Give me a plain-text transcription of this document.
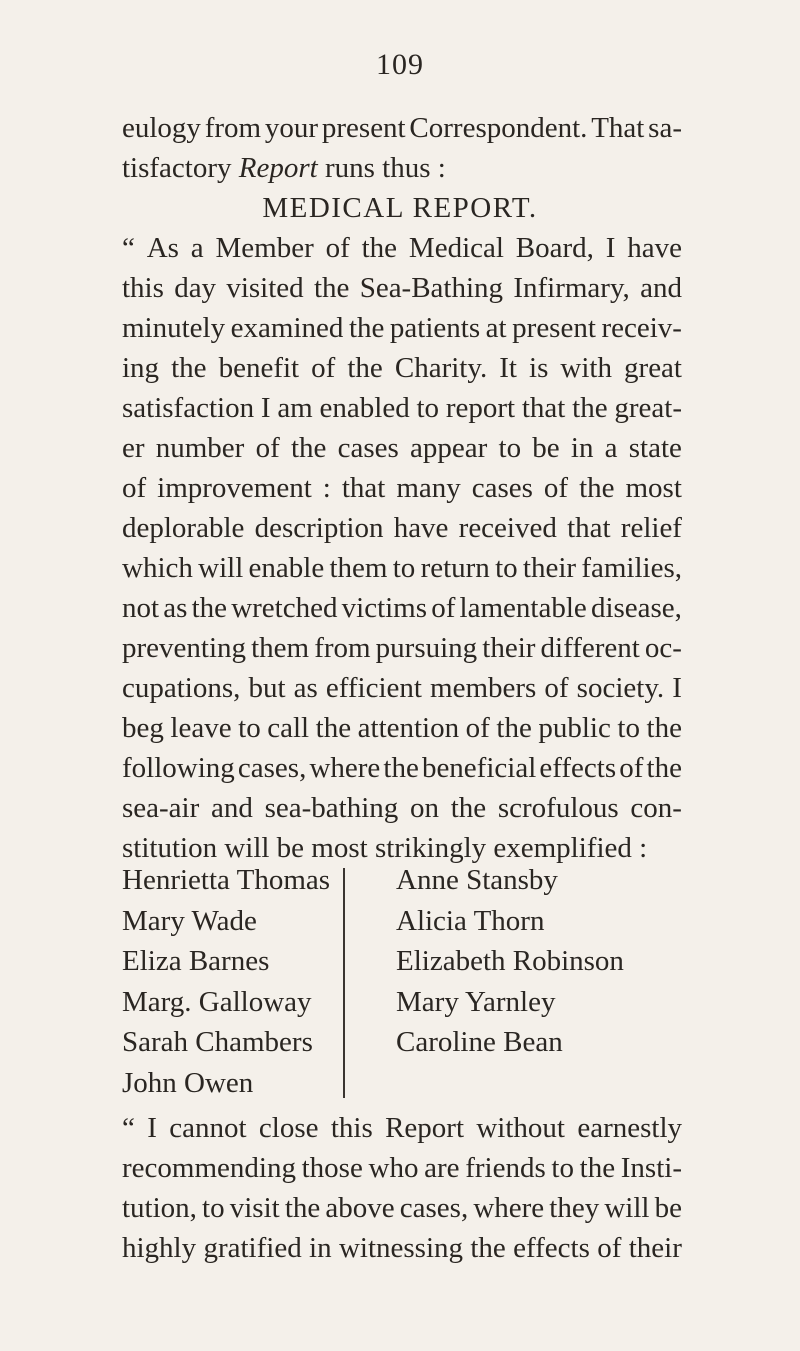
109
eulogy from your present Correspondent. That sa-
tisfactory Report runs thus :
MEDICAL REPORT.
“ As a Member of the Medical Board, I have
this day visited the Sea-Bathing Infirmary, and
minutely examined the patients at present receiv-
ing the benefit of the Charity. It is with great
satisfaction I am enabled to report that the great-
er number of the cases appear to be in a state
of improvement : that many cases of the most
deplorable description have received that relief
which will enable them to return to their families,
not as the wretched victims of lamentable disease,
preventing them from pursuing their different oc-
cupations, but as efficient members of society. I
beg leave to call the attention of the public to the
following cases, where the beneficial effects of the
sea-air and sea-bathing on the scrofulous con-
stitution will be most strikingly exemplified :
Henrietta Thomas
Mary Wade
Eliza Barnes
Marg. Galloway
Sarah Chambers
John Owen
Anne Stansby
Alicia Thorn
Elizabeth Robinson
Mary Yarnley
Caroline Bean
“ I cannot close this Report without earnestly
recommending those who are friends to the Insti-
tution, to visit the above cases, where they will be
highly gratified in witnessing the effects of their
